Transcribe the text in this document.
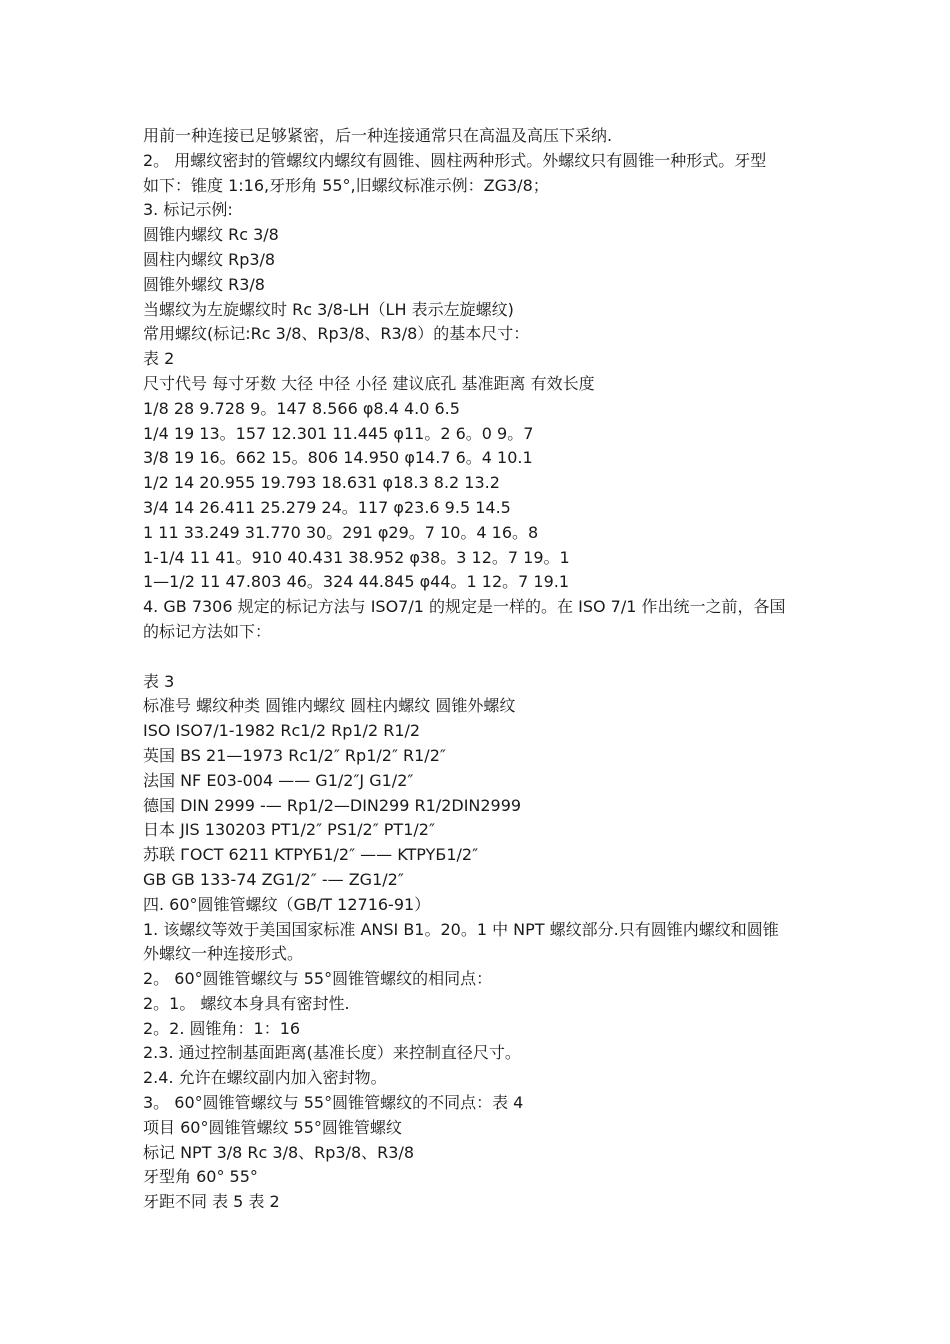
用前一种连接已足够紧密，后一种连接通常只在高温及高压下采纳.
2。 用螺纹密封的管螺纹内螺纹有圆锥、圆柱两种形式。外螺纹只有圆锥一种形式。牙型
如下：锥度 1:16,牙形角 55°,旧螺纹标准示例：ZG3/8；
3. 标记示例:
圆锥内螺纹 Rc 3/8
圆柱内螺纹 Rp3/8
圆锥外螺纹 R3/8
当螺纹为左旋螺纹时 Rc 3/8-LH（LH 表示左旋螺纹)
常用螺纹(标记:Rc 3/8、Rp3/8、R3/8）的基本尺寸：
表 2
尺寸代号 每寸牙数 大径 中径 小径 建议底孔 基准距离 有效长度
1/8 28 9.728 9。147 8.566 φ8.4 4.0 6.5
1/4 19 13。157 12.301 11.445 φ11。2 6。0 9。7
3/8 19 16。662 15。806 14.950 φ14.7 6。4 10.1
1/2 14 20.955 19.793 18.631 φ18.3 8.2 13.2
3/4 14 26.411 25.279 24。117 φ23.6 9.5 14.5
1 11 33.249 31.770 30。291 φ29。7 10。4 16。8
1-1/4 11 41。910 40.431 38.952 φ38。3 12。7 19。1
1—1/2 11 47.803 46。324 44.845 φ44。1 12。7 19.1
4. GB 7306 规定的标记方法与 ISO7/1 的规定是一样的。在 ISO 7/1 作出统一之前，各国
的标记方法如下：
表 3
标准号 螺纹种类 圆锥内螺纹 圆柱内螺纹 圆锥外螺纹
ISO ISO7/1-1982 Rc1/2 Rp1/2 R1/2
英国 BS 21—1973 Rc1/2″ Rp1/2″ R1/2″
法国 NF E03-004 —— G1/2″J G1/2″
德国 DIN 2999 -— Rp1/2—DIN299 R1/2DIN2999
日本 JIS 130203 PT1/2″ PS1/2″ PT1/2″
苏联 ГОСТ 6211 KTPYБ1/2″ —— KTPYБ1/2″
GB GB 133-74 ZG1/2″ -— ZG1/2″
四. 60°圆锥管螺纹（GB/T 12716-91）
1. 该螺纹等效于美国国家标准 ANSI B1。20。1 中 NPT 螺纹部分.只有圆锥内螺纹和圆锥
外螺纹一种连接形式。
2。 60°圆锥管螺纹与 55°圆锥管螺纹的相同点：
2。1。 螺纹本身具有密封性.
2。2. 圆锥角：1：16
2.3. 通过控制基面距离(基准长度）来控制直径尺寸。
2.4. 允许在螺纹副内加入密封物。
3。 60°圆锥管螺纹与 55°圆锥管螺纹的不同点：表 4
项目 60°圆锥管螺纹 55°圆锥管螺纹
标记 NPT 3/8 Rc 3/8、Rp3/8、R3/8
牙型角 60° 55°
牙距不同 表 5 表 2
